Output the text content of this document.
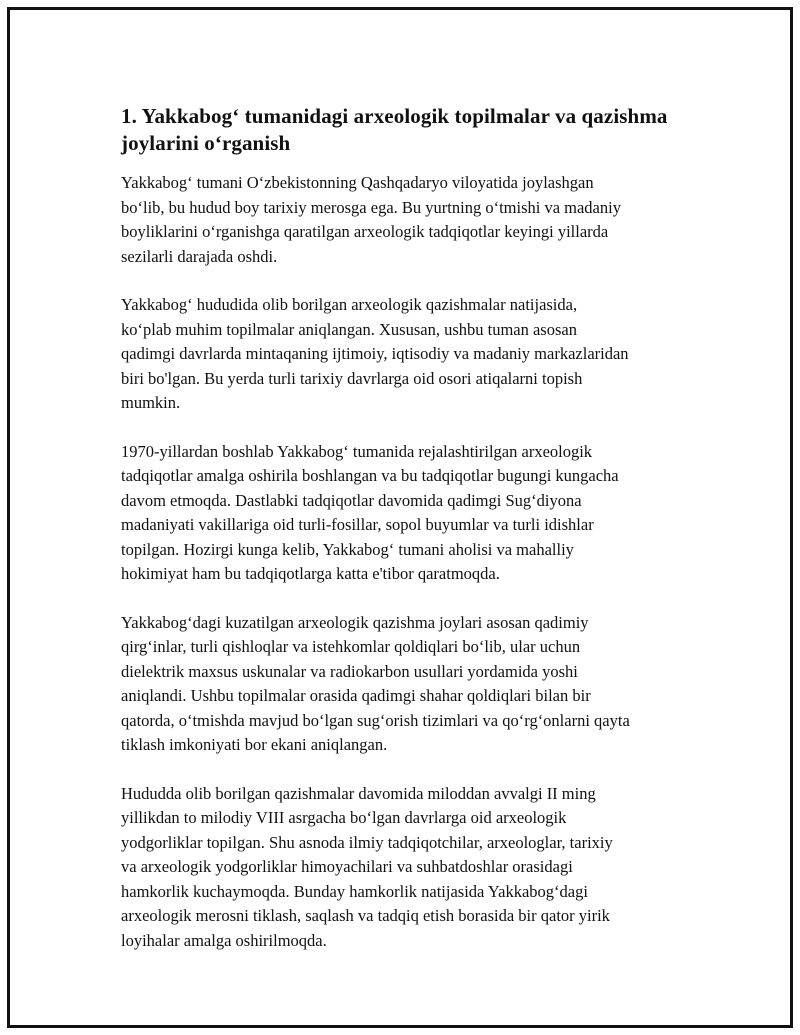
1. Yakkabog‘ tumanidagi arxeologik topilmalar va qazishma joylarini o‘rganish

Yakkabog‘ tumani O‘zbekistonning Qashqadaryo viloyatida joylashgan
bo‘lib, bu hudud boy tarixiy merosga ega. Bu yurtning o‘tmishi va madaniy
boyliklarini o‘rganishga qaratilgan arxeologik tadqiqotlar keyingi yillarda
sezilarli darajada oshdi.

Yakkabog‘ hududida olib borilgan arxeologik qazishmalar natijasida,
ko‘plab muhim topilmalar aniqlangan. Xususan, ushbu tuman asosan
qadimgi davrlarda mintaqaning ijtimoiy, iqtisodiy va madaniy markazlaridan
biri bo'lgan. Bu yerda turli tarixiy davrlarga oid osori atiqalarni topish
mumkin.

1970-yillardan boshlab Yakkabog‘ tumanida rejalashtirilgan arxeologik
tadqiqotlar amalga oshirila boshlangan va bu tadqiqotlar bugungi kungacha
davom etmoqda. Dastlabki tadqiqotlar davomida qadimgi Sug‘diyona
madaniyati vakillariga oid turli-fosillar, sopol buyumlar va turli idishlar
topilgan. Hozirgi kunga kelib, Yakkabog‘ tumani aholisi va mahalliy
hokimiyat ham bu tadqiqotlarga katta e'tibor qaratmoqda.

Yakkabog‘dagi kuzatilgan arxeologik qazishma joylari asosan qadimiy
qirg‘inlar, turli qishloqlar va istehkomlar qoldiqlari bo‘lib, ular uchun
dielektrik maxsus uskunalar va radiokarbon usullari yordamida yoshi
aniqlandi. Ushbu topilmalar orasida qadimgi shahar qoldiqlari bilan bir
qatorda, o‘tmishda mavjud bo‘lgan sug‘orish tizimlari va qo‘rg‘onlarni qayta
tiklash imkoniyati bor ekani aniqlangan.

Hududda olib borilgan qazishmalar davomida miloddan avvalgi II ming
yillikdan to milodiy VIII asrgacha bo‘lgan davrlarga oid arxeologik
yodgorliklar topilgan. Shu asnoda ilmiy tadqiqotchilar, arxeologlar, tarixiy
va arxeologik yodgorliklar himoyachilari va suhbatdoshlar orasidagi
hamkorlik kuchaymoqda. Bunday hamkorlik natijasida Yakkabog‘dagi
arxeologik merosni tiklash, saqlash va tadqiq etish borasida bir qator yirik
loyihalar amalga oshirilmoqda.
